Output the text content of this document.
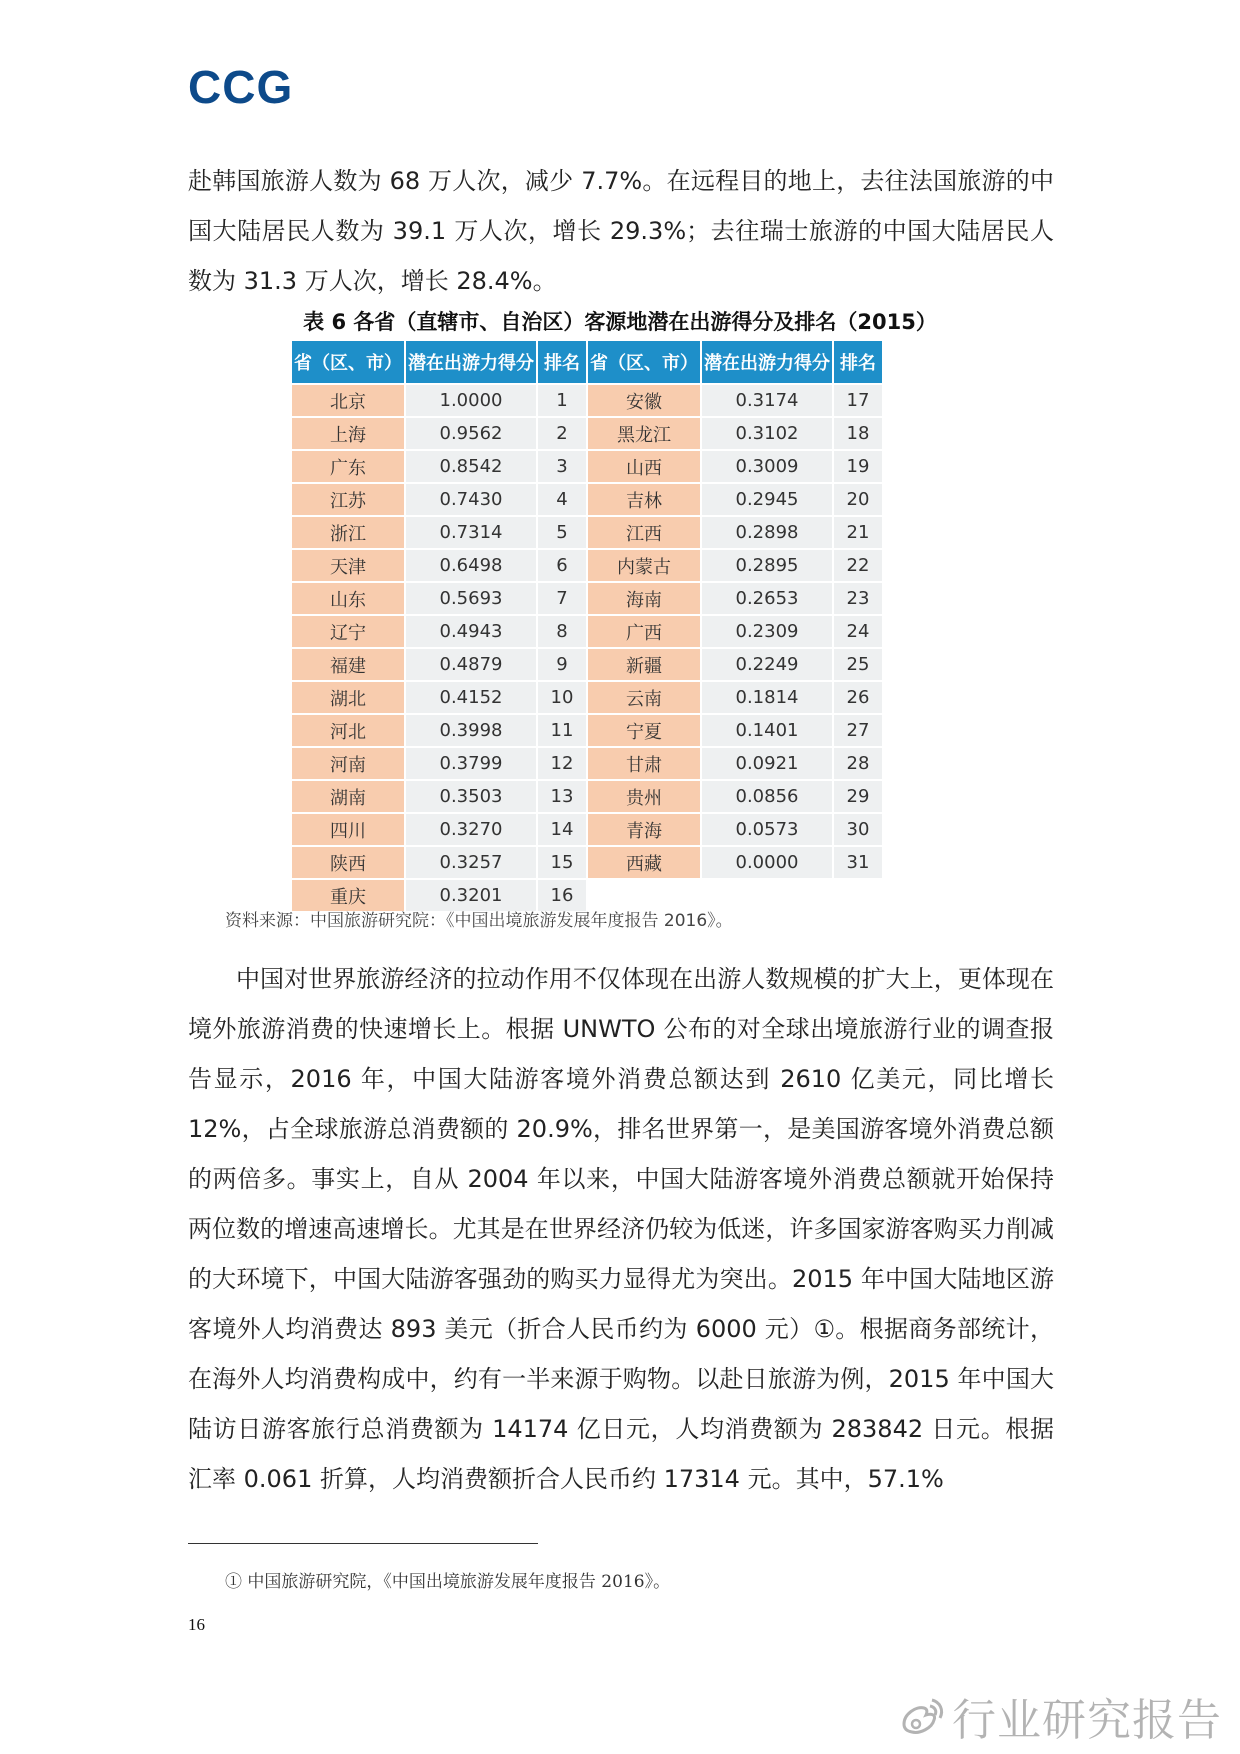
CCG

赴韩国旅游人数为 68 万人次，减少 7.7%。在远程目的地上，去往法国旅游的中国大陆居民人数为 39.1 万人次，增长 29.3%；去往瑞士旅游的中国大陆居民人数为 31.3 万人次，增长 28.4%。

表 6 各省（直辖市、自治区）客源地潜在出游得分及排名（2015）
省（区、市）	潜在出游力得分	排名	省（区、市）	潜在出游力得分	排名
北京	1.0000	1	安徽	0.3174	17
上海	0.9562	2	黑龙江	0.3102	18
广东	0.8542	3	山西	0.3009	19
江苏	0.7430	4	吉林	0.2945	20
浙江	0.7314	5	江西	0.2898	21
天津	0.6498	6	内蒙古	0.2895	22
山东	0.5693	7	海南	0.2653	23
辽宁	0.4943	8	广西	0.2309	24
福建	0.4879	9	新疆	0.2249	25
湖北	0.4152	10	云南	0.1814	26
河北	0.3998	11	宁夏	0.1401	27
河南	0.3799	12	甘肃	0.0921	28
湖南	0.3503	13	贵州	0.0856	29
四川	0.3270	14	青海	0.0573	30
陕西	0.3257	15	西藏	0.0000	31
重庆	0.3201	16			
资料来源：中国旅游研究院：《中国出境旅游发展年度报告 2016》。

中国对世界旅游经济的拉动作用不仅体现在出游人数规模的扩大上，更体现在境外旅游消费的快速增长上。根据 UNWTO 公布的对全球出境旅游行业的调查报告显示，2016 年，中国大陆游客境外消费总额达到 2610 亿美元，同比增长 12%，占全球旅游总消费额的 20.9%，排名世界第一，是美国游客境外消费总额的两倍多。事实上，自从 2004 年以来，中国大陆游客境外消费总额就开始保持两位数的增速高速增长。尤其是在世界经济仍较为低迷，许多国家游客购买力削减的大环境下，中国大陆游客强劲的购买力显得尤为突出。2015 年中国大陆地区游客境外人均消费达 893 美元（折合人民币约为 6000 元）①。根据商务部统计，在海外人均消费构成中，约有一半来源于购物。以赴日旅游为例，2015 年中国大陆访日游客旅行总消费额为 14174 亿日元，人均消费额为 283842 日元。根据汇率 0.061 折算，人均消费额折合人民币约 17314 元。其中，57.1%

① 中国旅游研究院，《中国出境旅游发展年度报告 2016》。
16
行业研究报告
